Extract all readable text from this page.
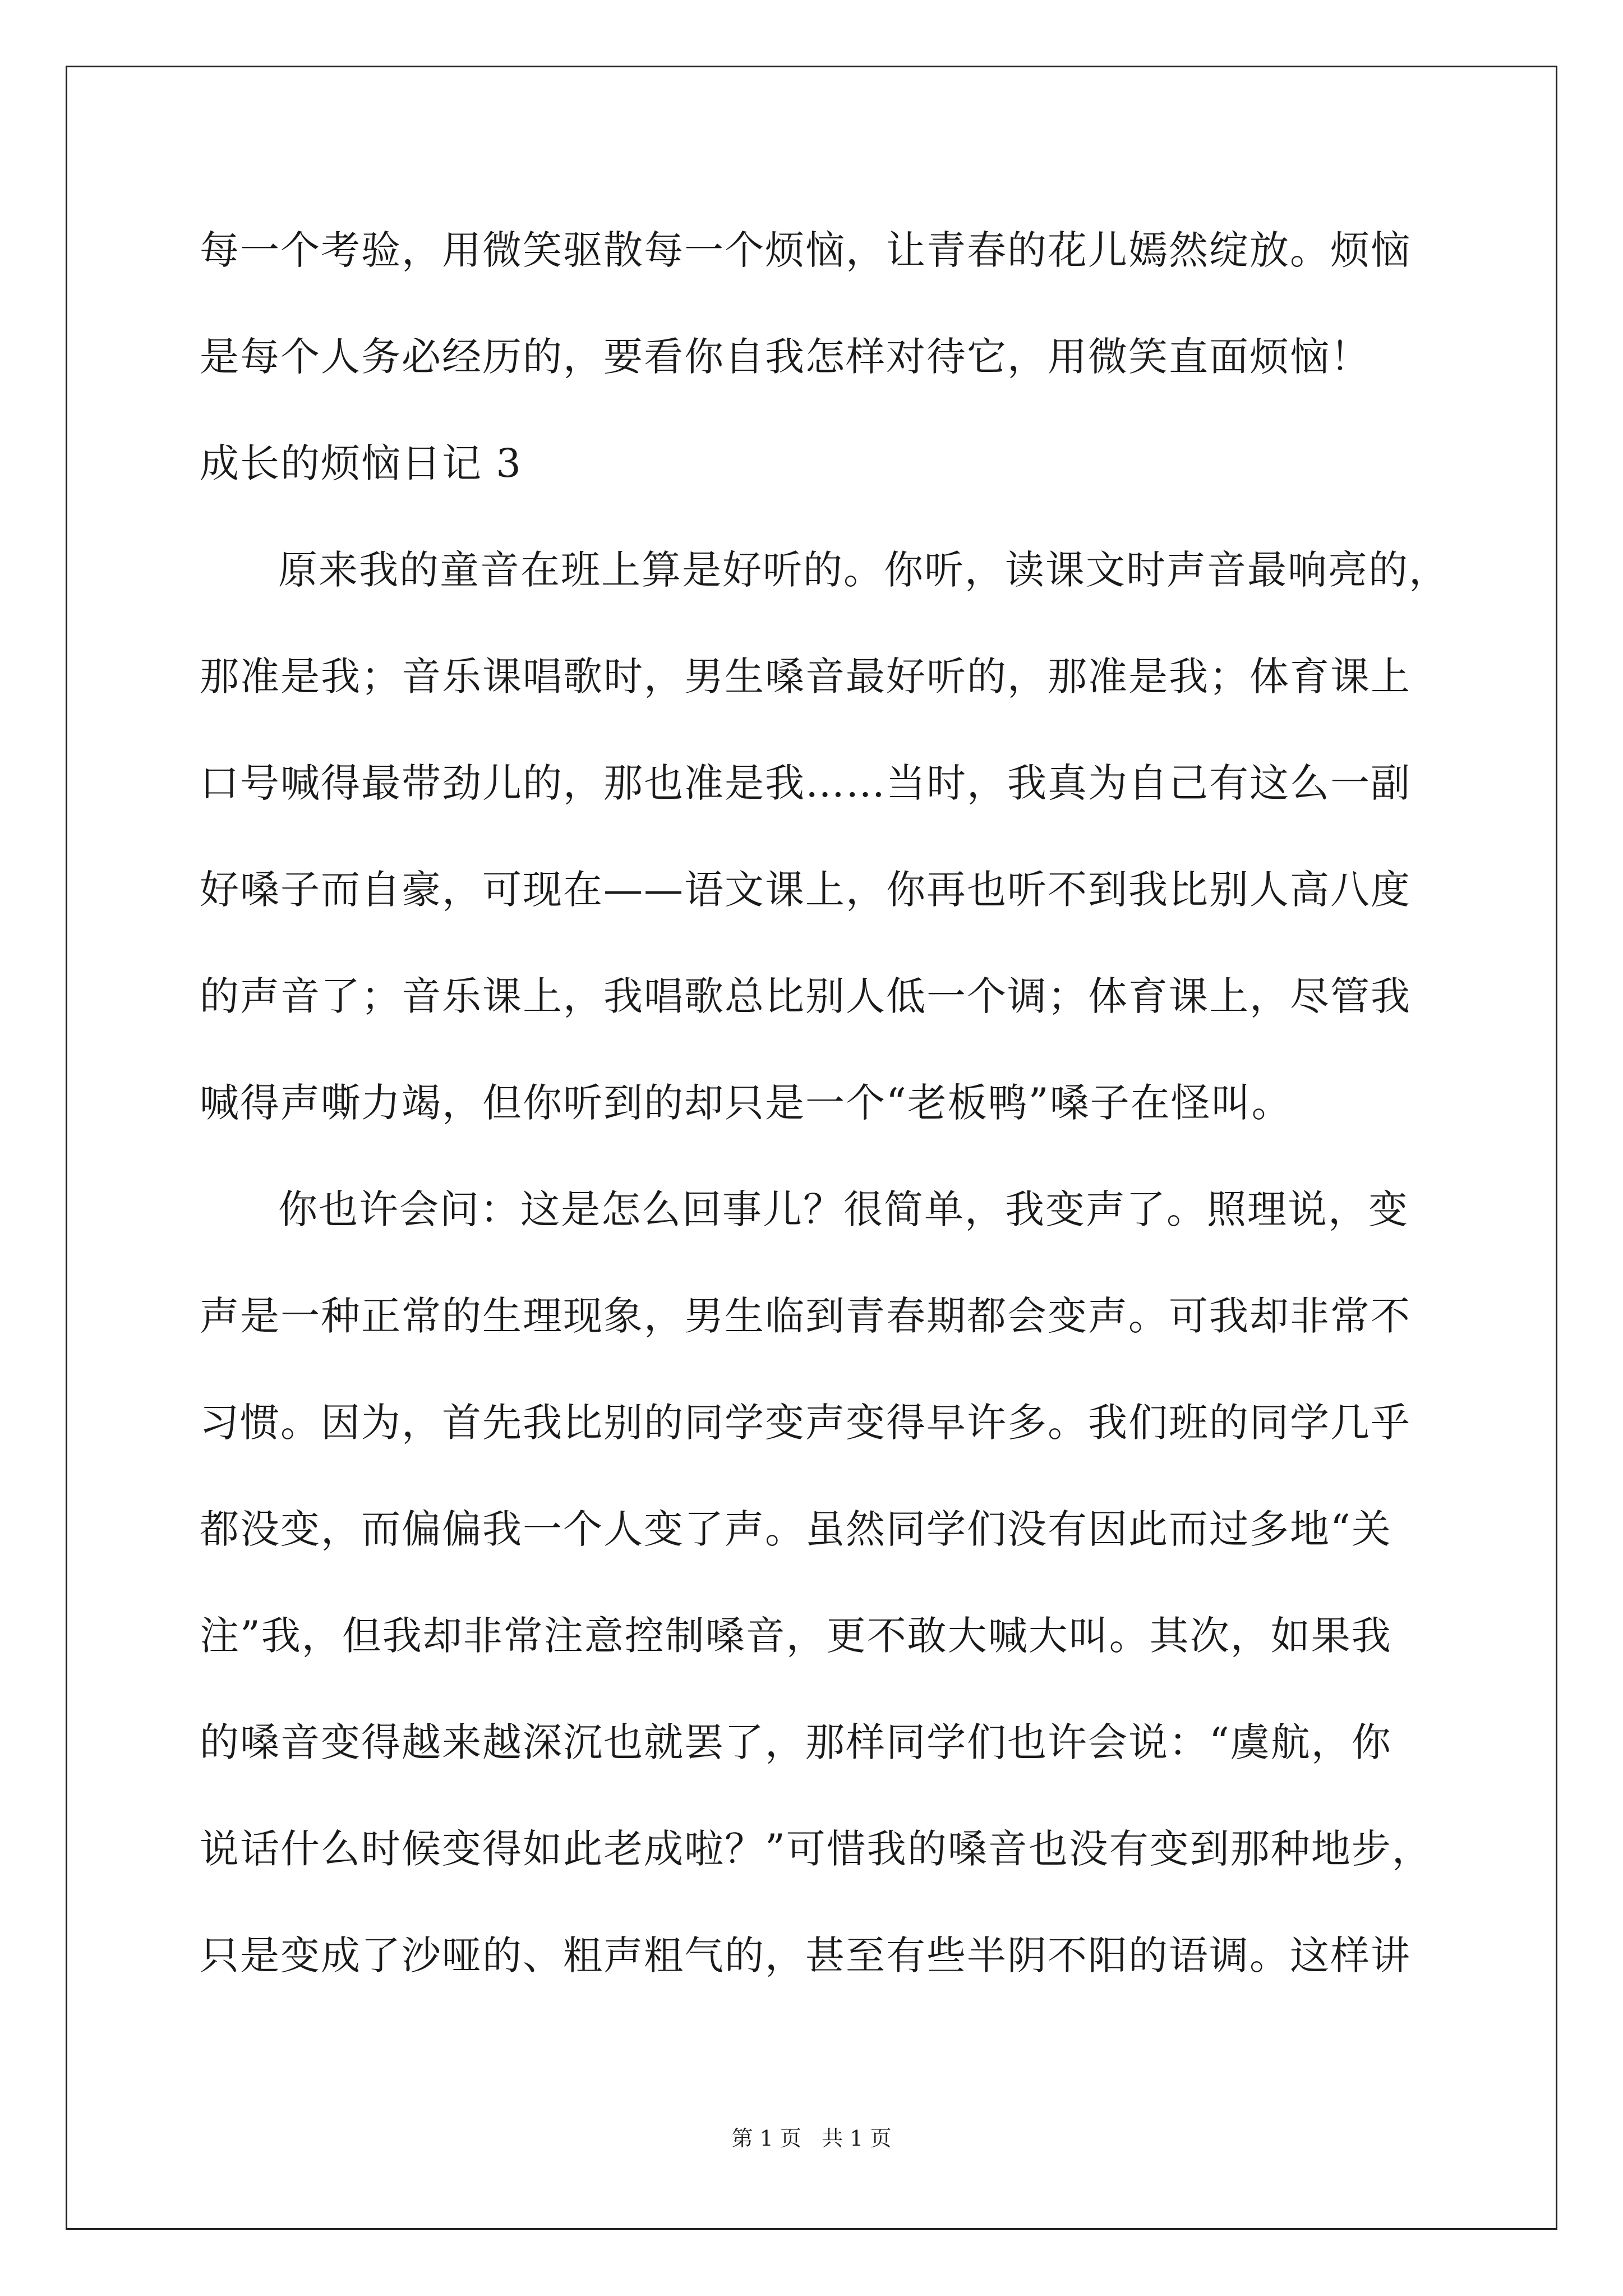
每一个考验，用微笑驱散每一个烦恼，让青春的花儿嫣然绽放。烦恼
是每个人务必经历的，要看你自我怎样对待它，用微笑直面烦恼！
成长的烦恼日记 3
原来我的童音在班上算是好听的。你听，读课文时声音最响亮的，
那准是我；音乐课唱歌时，男生嗓音最好听的，那准是我；体育课上
口号喊得最带劲儿的，那也准是我……当时，我真为自己有这么一副
好嗓子而自豪，可现在——语文课上，你再也听不到我比别人高八度
的声音了；音乐课上，我唱歌总比别人低一个调；体育课上，尽管我
喊得声嘶力竭，但你听到的却只是一个“老板鸭”嗓子在怪叫。
你也许会问：这是怎么回事儿？很简单，我变声了。照理说，变
声是一种正常的生理现象，男生临到青春期都会变声。可我却非常不
习惯。因为，首先我比别的同学变声变得早许多。我们班的同学几乎
都没变，而偏偏我一个人变了声。虽然同学们没有因此而过多地“关
注”我，但我却非常注意控制嗓音，更不敢大喊大叫。其次，如果我
的嗓音变得越来越深沉也就罢了，那样同学们也许会说：“虞航，你
说话什么时候变得如此老成啦？”可惜我的嗓音也没有变到那种地步，
只是变成了沙哑的、粗声粗气的，甚至有些半阴不阳的语调。这样讲
第 1 页   共 1 页
